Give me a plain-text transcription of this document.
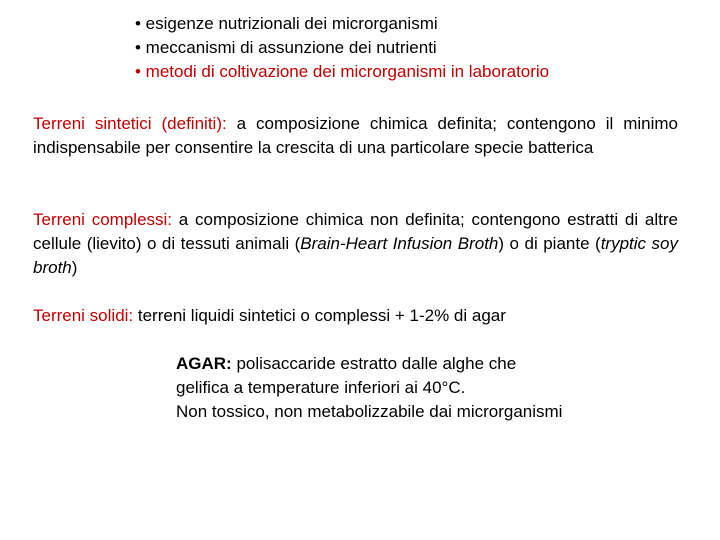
• esigenze nutrizionali dei microrganismi
• meccanismi di assunzione dei nutrienti
• metodi di coltivazione dei microrganismi in laboratorio
Terreni sintetici (definiti): a composizione chimica definita; contengono il minimo indispensabile per consentire la crescita di una particolare specie batterica
Terreni complessi: a composizione chimica non definita; contengono estratti di altre cellule (lievito) o di tessuti animali (Brain-Heart Infusion Broth) o di piante (tryptic soy broth)
Terreni solidi: terreni liquidi sintetici o complessi + 1-2% di agar
AGAR: polisaccaride estratto dalle alghe che
gelifica a temperature inferiori ai 40°C.
Non tossico, non metabolizzabile dai microrganismi
